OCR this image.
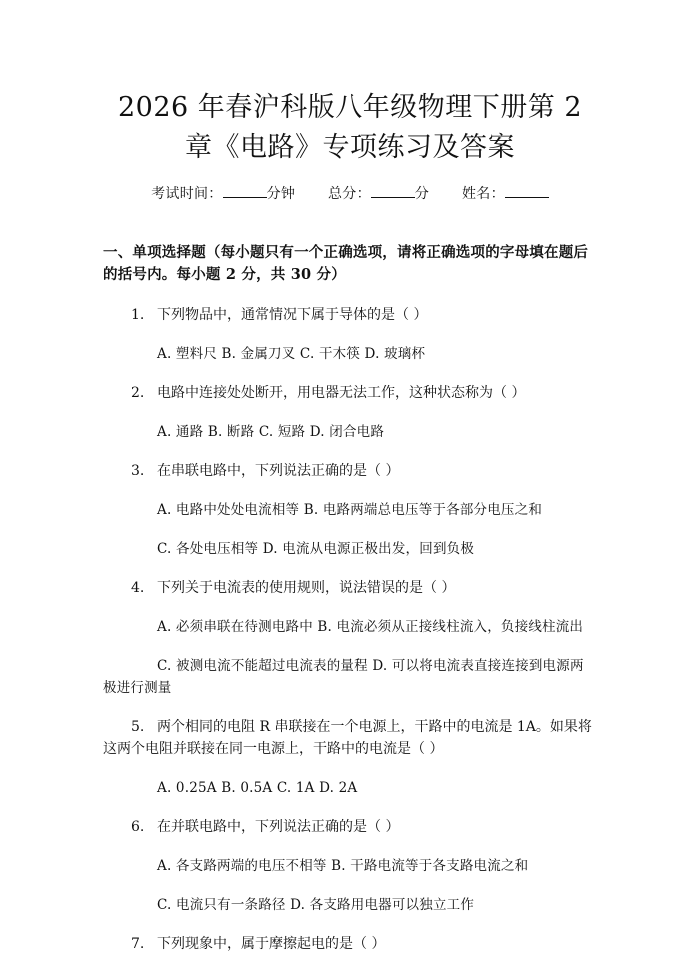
2026 年春沪科版八年级物理下册第 2 章《电路》专项练习及答案
考试时间：	分钟 总分：	分 姓名：
一、单项选择题（每小题只有一个正确选项，请将正确选项的字母填在题后的括号内。每小题 2 分，共 30 分）
1. 下列物品中，通常情况下属于导体的是（ ）
A. 塑料尺 B. 金属刀叉 C. 干木筷 D. 玻璃杯
2. 电路中连接处处断开，用电器无法工作，这种状态称为（ ）
A. 通路 B. 断路 C. 短路 D. 闭合电路
3. 在串联电路中，下列说法正确的是（ ）
A. 电路中处处电流相等 B. 电路两端总电压等于各部分电压之和
C. 各处电压相等 D. 电流从电源正极出发，回到负极
4. 下列关于电流表的使用规则，说法错误的是（ ）
A. 必须串联在待测电路中 B. 电流必须从正接线柱流入，负接线柱流出
C. 被测电流不能超过电流表的量程 D. 可以将电流表直接连接到电源两极进行测量
5. 两个相同的电阻 R 串联接在一个电源上，干路中的电流是 1A。如果将这两个电阻并联接在同一电源上，干路中的电流是（ ）
A. 0.25A B. 0.5A C. 1A D. 2A
6. 在并联电路中，下列说法正确的是（ ）
A. 各支路两端的电压不相等 B. 干路电流等于各支路电流之和
C. 电流只有一条路径 D. 各支路用电器可以独立工作
7. 下列现象中，属于摩擦起电的是（ ）
